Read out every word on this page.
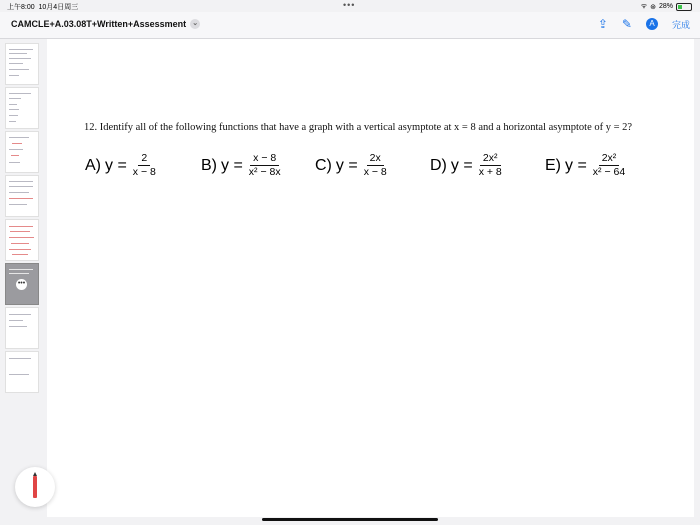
上午8:00 10月4日周三	•••	ᯤ ⊛ 28%
CAMCLE+A.03.08T+Written+Assessment ⌄	⇪ ✎	A	完成
•••
12. Identify all of the following functions that have a graph with a vertical asymptote at x = 8 and a horizontal asymptote of y = 2?
A) $y = \frac{2}{x - 8}$	B) $y = \frac{x - 8}{\text{x² − 8x}} C$) $y = \frac{2x}{x - 8}$	D) $y = \frac{\text{2x²}}{x + 8}$	E) $y = \frac{\text{2x²}}{\text{x² − 64}}$
